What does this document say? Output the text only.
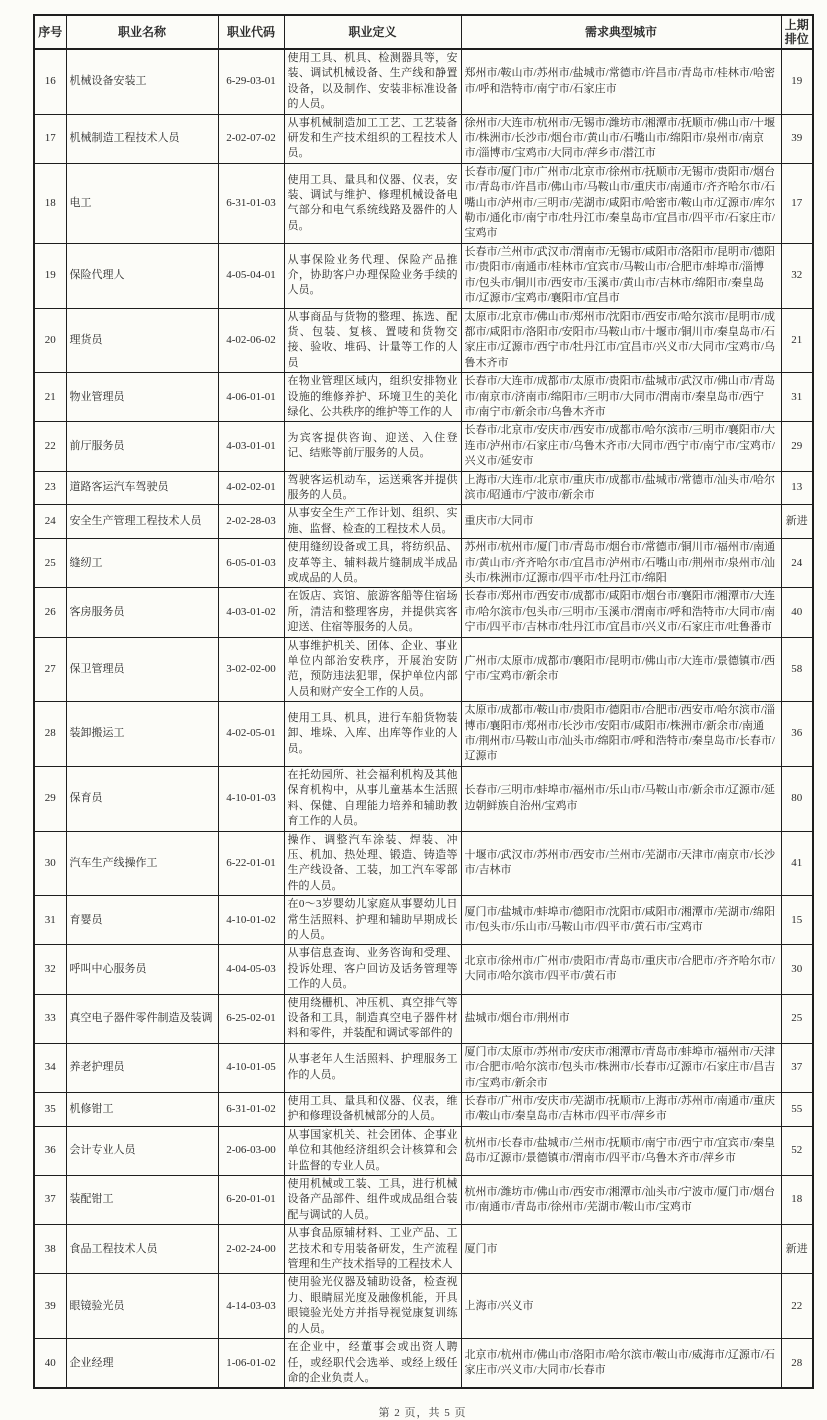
序号	职业名称	职业代码	职业定义	需求典型城市	上期排位
16	机械设备安装工	6-29-03-01	使用工具、机具、检测器具等，安装、调试机械设备、生产线和静置设备，以及制作、安装非标准设备的人员。	郑州市/鞍山市/苏州市/盐城市/常德市/许昌市/青岛市/桂林市/哈密市/呼和浩特市/南宁市/石家庄市	19
17	机械制造工程技术人员	2-02-07-02	从事机械制造加工工艺、工艺装备研发和生产技术组织的工程技术人员。	徐州市/大连市/杭州市/无锡市/潍坊市/湘潭市/抚顺市/佛山市/十堰市/株洲市/长沙市/烟台市/黄山市/石嘴山市/绵阳市/泉州市/南京市/淄博市/宝鸡市/大同市/萍乡市/潜江市	39
18	电工	6-31-01-03	使用工具、量具和仪器、仪表，安装、调试与维护、修理机械设备电气部分和电气系统线路及器件的人员。	长春市/厦门市/广州市/北京市/徐州市/抚顺市/无锡市/贵阳市/烟台市/青岛市/许昌市/佛山市/马鞍山市/重庆市/南通市/齐齐哈尔市/石嘴山市/泸州市/三明市/芜湖市/咸阳市/哈密市/鞍山市/辽源市/库尔勒市/通化市/南宁市/牡丹江市/秦皇岛市/宜昌市/四平市/石家庄市/宝鸡市	17
19	保险代理人	4-05-04-01	从事保险业务代理、保险产品推介，协助客户办理保险业务手续的人员。	长春市/兰州市/武汉市/渭南市/无锡市/咸阳市/洛阳市/昆明市/德阳市/贵阳市/南通市/桂林市/宜宾市/马鞍山市/合肥市/蚌埠市/淄博市/包头市/铜川市/西安市/玉溪市/黄山市/吉林市/绵阳市/秦皇岛市/辽源市/宝鸡市/襄阳市/宜昌市	32
20	理货员	4-02-06-02	从事商品与货物的整理、拣选、配货、包装、复核、置唛和货物交接、验收、堆码、计量等工作的人员	太原市/北京市/佛山市/郑州市/沈阳市/西安市/哈尔滨市/昆明市/成都市/咸阳市/洛阳市/安阳市/马鞍山市/十堰市/铜川市/秦皇岛市/石家庄市/辽源市/西宁市/牡丹江市/宜昌市/兴义市/大同市/宝鸡市/乌鲁木齐市	21
21	物业管理员	4-06-01-01	在物业管理区域内，组织安排物业设施的维修养护、环境卫生的美化绿化、公共秩序的维护等工作的人	长春市/大连市/成都市/太原市/贵阳市/盐城市/武汉市/佛山市/青岛市/南京市/济南市/绵阳市/三明市/大同市/渭南市/秦皇岛市/西宁市/南宁市/新余市/乌鲁木齐市	31
22	前厅服务员	4-03-01-01	为宾客提供咨询、迎送、入住登记、结账等前厅服务的人员。	长春市/北京市/安庆市/西安市/成都市/哈尔滨市/三明市/襄阳市/大连市/泸州市/石家庄市/乌鲁木齐市/大同市/西宁市/南宁市/宝鸡市/兴义市/延安市	29
23	道路客运汽车驾驶员	4-02-02-01	驾驶客运机动车，运送乘客并提供服务的人员。	上海市/大连市/北京市/重庆市/成都市/盐城市/常德市/汕头市/哈尔滨市/昭通市/宁波市/新余市	13
24	安全生产管理工程技术人员	2-02-28-03	从事安全生产工作计划、组织、实施、监督、检查的工程技术人员。	重庆市/大同市	新进
25	缝纫工	6-05-01-03	使用缝纫设备或工具，将纺织品、皮革等主、辅料裁片缝制成半成品或成品的人员。	苏州市/杭州市/厦门市/青岛市/烟台市/常德市/铜川市/福州市/南通市/黄山市/齐齐哈尔市/宜昌市/泸州市/石嘴山市/荆州市/泉州市/汕头市/株洲市/辽源市/四平市/牡丹江市/绵阳	24
26	客房服务员	4-03-01-02	在饭店、宾馆、旅游客船等住宿场所，清洁和整理客房，并提供宾客迎送、住宿等服务的人员。	长春市/郑州市/西安市/成都市/咸阳市/烟台市/襄阳市/湘潭市/大连市/哈尔滨市/包头市/三明市/玉溪市/渭南市/呼和浩特市/大同市/南宁市/四平市/吉林市/牡丹江市/宜昌市/兴义市/石家庄市/吐鲁番市	40
27	保卫管理员	3-02-02-00	从事维护机关、团体、企业、事业单位内部治安秩序，开展治安防范，预防违法犯罪，保护单位内部人员和财产安全工作的人员。	广州市/太原市/成都市/襄阳市/昆明市/佛山市/大连市/景德镇市/西宁市/宝鸡市/新余市	58
28	装卸搬运工	4-02-05-01	使用工具、机具，进行车船货物装卸、堆垛、入库、出库等作业的人员。	太原市/成都市/鞍山市/贵阳市/德阳市/合肥市/西安市/哈尔滨市/淄博市/襄阳市/郑州市/长沙市/安阳市/咸阳市/株洲市/新余市/南通市/荆州市/马鞍山市/汕头市/绵阳市/呼和浩特市/秦皇岛市/长春市/辽源市	36
29	保育员	4-10-01-03	在托幼园所、社会福利机构及其他保育机构中，从事儿童基本生活照料、保健、自理能力培养和辅助教育工作的人员。	长春市/三明市/蚌埠市/福州市/乐山市/马鞍山市/新余市/辽源市/延边朝鲜族自治州/宝鸡市	80
30	汽车生产线操作工	6-22-01-01	操作、调整汽车涂装、焊装、冲压、机加、热处理、锻造、铸造等生产线设备、工装，加工汽车零部件的人员。	十堰市/武汉市/苏州市/西安市/兰州市/芜湖市/天津市/南京市/长沙市/吉林市	41
31	育婴员	4-10-01-02	在0～3岁婴幼儿家庭从事婴幼儿日常生活照料、护理和辅助早期成长的人员。	厦门市/盐城市/蚌埠市/德阳市/沈阳市/咸阳市/湘潭市/芜湖市/绵阳市/包头市/乐山市/马鞍山市/四平市/黄石市/宝鸡市	15
32	呼叫中心服务员	4-04-05-03	从事信息查询、业务咨询和受理、投诉处理、客户回访及话务管理等工作的人员。	北京市/徐州市/广州市/贵阳市/青岛市/重庆市/合肥市/齐齐哈尔市/大同市/哈尔滨市/四平市/黄石市	30
33	真空电子器件零件制造及装调	6-25-02-01	使用绕栅机、冲压机、真空排气等设备和工具，制造真空电子器件材料和零件，并装配和调试零部件的	盐城市/烟台市/荆州市	25
34	养老护理员	4-10-01-05	从事老年人生活照料、护理服务工作的人员。	厦门市/太原市/苏州市/安庆市/湘潭市/青岛市/蚌埠市/福州市/天津市/合肥市/哈尔滨市/包头市/株洲市/长春市/辽源市/石家庄市/昌吉市/宝鸡市/新余市	37
35	机修钳工	6-31-01-02	使用工具、量具和仪器、仪表，维护和修理设备机械部分的人员。	长春市/广州市/安庆市/芜湖市/抚顺市/上海市/苏州市/南通市/重庆市/鞍山市/秦皇岛市/吉林市/四平市/萍乡市	55
36	会计专业人员	2-06-03-00	从事国家机关、社会团体、企事业单位和其他经济组织会计核算和会计监督的专业人员。	杭州市/长春市/盐城市/兰州市/抚顺市/南宁市/西宁市/宜宾市/秦皇岛市/辽源市/景德镇市/渭南市/四平市/乌鲁木齐市/萍乡市	52
37	装配钳工	6-20-01-01	使用机械或工装、工具，进行机械设备产品部件、组件或成品组合装配与调试的人员。	杭州市/潍坊市/佛山市/西安市/湘潭市/汕头市/宁波市/厦门市/烟台市/南通市/青岛市/徐州市/芜湖市/鞍山市/宝鸡市	18
38	食品工程技术人员	2-02-24-00	从事食品原辅材料、工业产品、工艺技术和专用装备研发，生产流程管理和生产技术指导的工程技术人	厦门市	新进
39	眼镜验光员	4-14-03-03	使用验光仪器及辅助设备，检查视力、眼睛屈光度及融像机能，开具眼镜验光处方并指导视觉康复训练的人员。	上海市/兴义市	22
40	企业经理	1-06-01-02	在企业中，经董事会或出资人聘任，或经职代会选举、或经上级任命的企业负责人。	北京市/杭州市/佛山市/洛阳市/哈尔滨市/鞍山市/威海市/辽源市/石家庄市/兴义市/大同市/长春市	28
第 2 页，共 5 页
